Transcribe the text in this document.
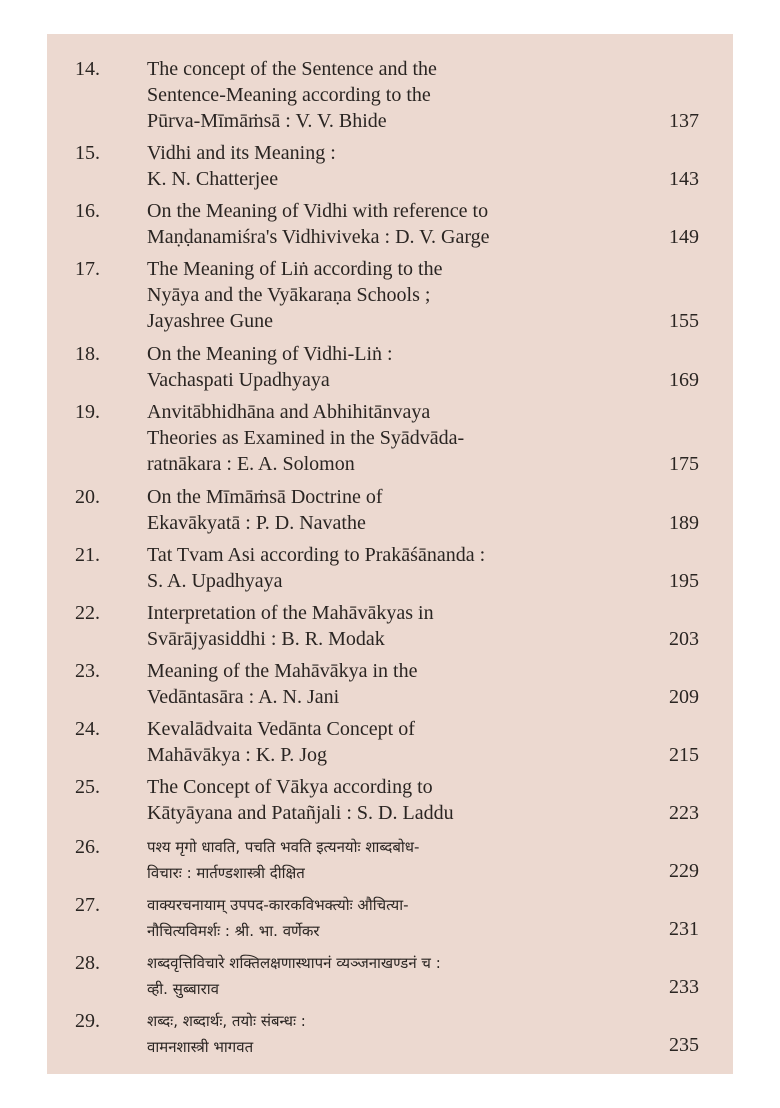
14. The concept of the Sentence and the
Sentence-Meaning according to the
Pūrva-Mīmāṁsā : V. V. Bhide	137
15. Vidhi and its Meaning :
K. N. Chatterjee	143
16. On the Meaning of Vidhi with reference to
Maṇḍanamiśra's Vidhiviveka : D. V. Garge	149
17. The Meaning of Liṅ according to the
Nyāya and the Vyākaraṇa Schools ;
Jayashree Gune	155
18. On the Meaning of Vidhi-Liṅ :
Vachaspati Upadhyaya	169
19. Anvitābhidhāna and Abhihitānvaya
Theories as Examined in the Syādvāda-
ratnākara : E. A. Solomon	175
20. On the Mīmāṁsā Doctrine of
Ekavākyatā : P. D. Navathe	189
21. Tat Tvam Asi according to Prakāśānanda :
S. A. Upadhyaya	195
22. Interpretation of the Mahāvākyas in
Svārājyasiddhi : B. R. Modak	203
23. Meaning of the Mahāvākya in the
Vedāntasāra : A. N. Jani	209
24. Kevalādvaita Vedānta Concept of
Mahāvākya : K. P. Jog	215
25. The Concept of Vākya according to
Kātyāyana and Patañjali : S. D. Laddu	223
26.	पश्य मृगो धावति, पचति भवति इत्यनयोः शाब्दबोध-
विचारः : मार्तण्डशास्त्री दीक्षित	229
27.	वाक्यरचनायाम् उपपद-कारकविभक्त्योः औचित्या-
नौचित्यविमर्शः : श्री. भा. वर्णेकर	231
28.	शब्दवृत्तिविचारे शक्तिलक्षणास्थापनं व्यञ्जनाखण्डनं च :
व्ही. सुब्बाराव	233
29.	शब्दः, शब्दार्थः, तयोः संबन्धः :
वामनशास्त्री भागवत	235
